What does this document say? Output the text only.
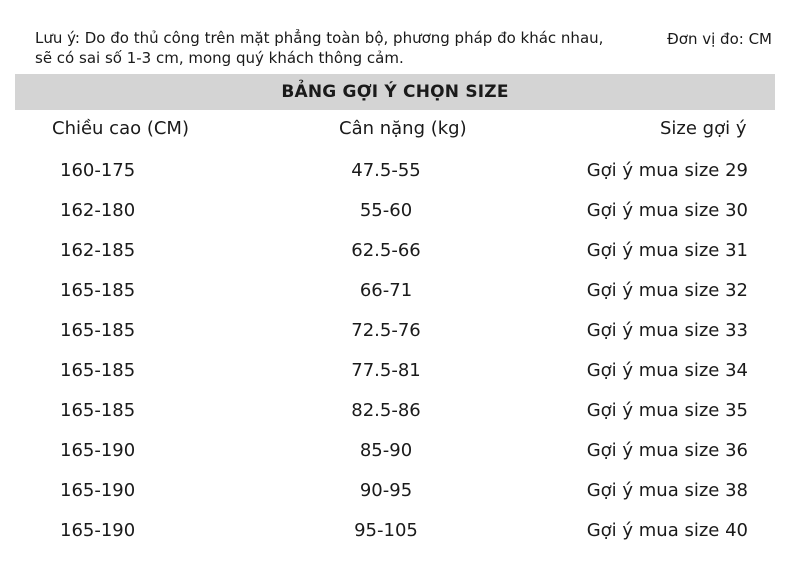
Lưu ý: Do đo thủ công trên mặt phẳng toàn bộ, phương pháp đo khác nhau,
sẽ có sai số 1-3 cm, mong quý khách thông cảm.
Đơn vị đo: CM
BẢNG GỢI Ý CHỌN SIZE
Chiều cao (CM)	Cân nặng (kg)	Size gợi ý
160-175	47.5-55	Gợi ý mua size 29
162-180	55-60	Gợi ý mua size 30
162-185	62.5-66	Gợi ý mua size 31
165-185	66-71	Gợi ý mua size 32
165-185	72.5-76	Gợi ý mua size 33
165-185	77.5-81	Gợi ý mua size 34
165-185	82.5-86	Gợi ý mua size 35
165-190	85-90	Gợi ý mua size 36
165-190	90-95	Gợi ý mua size 38
165-190	95-105	Gợi ý mua size 40
